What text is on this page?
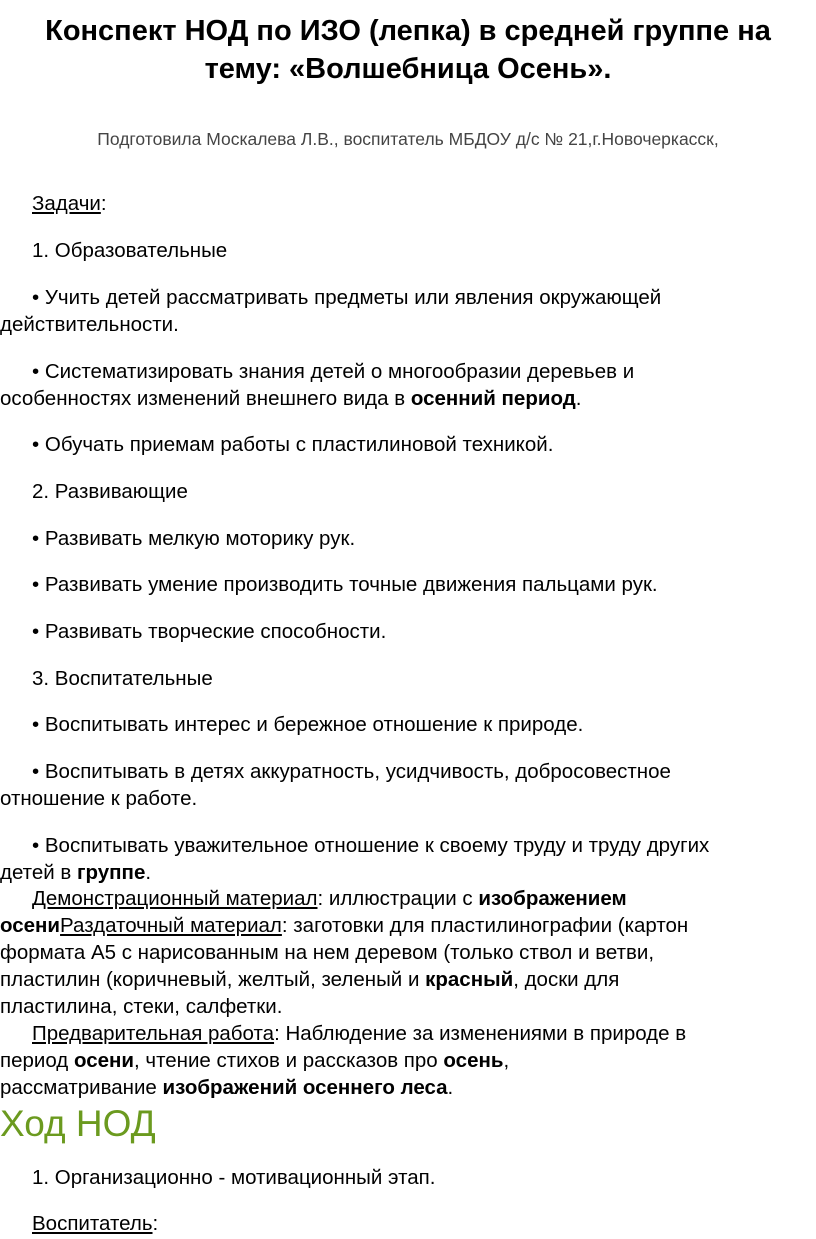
Конспект НОД по ИЗО (лепка) в средней группе на
тему: «Волшебница Осень».
Подготовила Москалева Л.В., воспитатель МБДОУ д/с № 21,г.Новочеркасск,

Задачи:

1. Образовательные

• Учить детей рассматривать предметы или явления окружающей

действительности.

• Систематизировать знания детей о многообразии деревьев и

особенностях изменений внешнего вида в осенний период.

• Обучать приемам работы с пластилиновой техникой.

2. Развивающие

• Развивать мелкую моторику рук.

• Развивать умение производить точные движения пальцами рук.

• Развивать творческие способности.

3. Воспитательные

• Воспитывать интерес и бережное отношение к природе.

• Воспитывать в детях аккуратность, усидчивость, добросовестное

отношение к работе.

• Воспитывать уважительное отношение к своему труду и труду других

детей в группе.

Демонстрационный материал: иллюстрации с изображением

осениРаздаточный материал: заготовки для пластилинографии (картон

формата А5 с нарисованным на нем деревом (только ствол и ветви,

пластилин (коричневый, желтый, зеленый и красный, доски для

пластилина, стеки, салфетки.

Предварительная работа: Наблюдение за изменениями в природе в

период осени, чтение стихов и рассказов про осень,

рассматривание изображений осеннего леса.

Ход НОД

1. Организационно - мотивационный этап.

Воспитатель:
